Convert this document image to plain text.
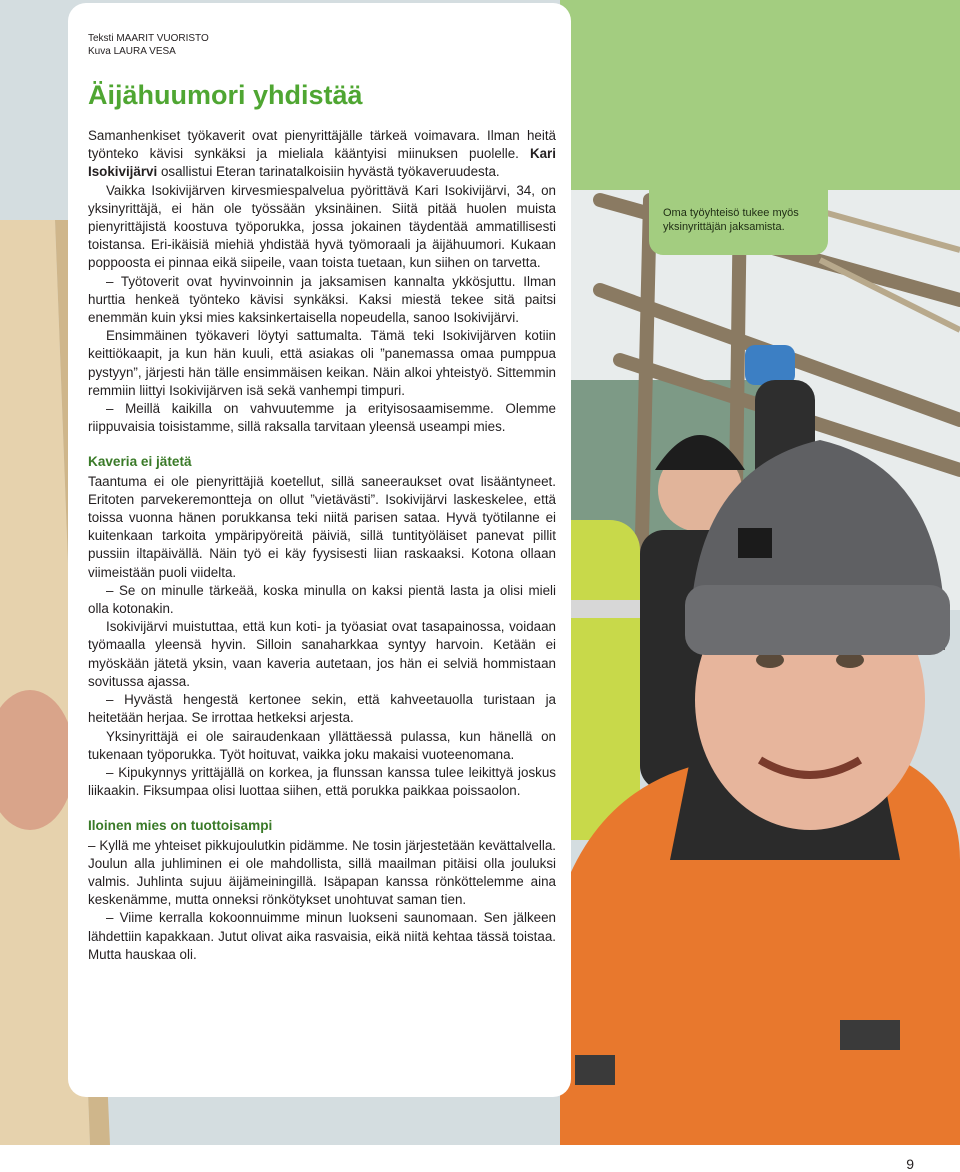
Oma työyhteisö tukee myös yksinyrittäjän jaksamista.
9
Teksti MAARIT VUORISTO
Kuva LAURA VESA
Äijähuumori yhdistää

Samanhenkiset työkaverit ovat pienyrittäjälle tärkeä voimavara. Ilman heitä työnteko kävisi synkäksi ja mieliala kääntyisi miinuksen puolelle. Kari Isokivijärvi osallistui Eteran tarinatalkoisiin hyvästä työkaveruudesta.

Vaikka Isokivijärven kirvesmiespalvelua pyörittävä Kari Isokivijärvi, 34, on yksinyrittäjä, ei hän ole työssään yksinäinen. Siitä pitää huolen muista pienyrittäjistä koostuva työporukka, jossa jokainen täydentää ammatillisesti toistansa. Eri-ikäisiä miehiä yhdistää hyvä työmoraali ja äijähuumori. Kukaan poppoosta ei pinnaa eikä siipeile, vaan toista tuetaan, kun siihen on tarvetta.

– Työtoverit ovat hyvinvoinnin ja jaksamisen kannalta ykkösjuttu. Ilman hurttia henkeä työnteko kävisi synkäksi. Kaksi miestä tekee sitä paitsi enemmän kuin yksi mies kaksinkertaisella nopeudella, sanoo Isokivijärvi.

Ensimmäinen työkaveri löytyi sattumalta. Tämä teki Isokivijärven kotiin keittiökaapit, ja kun hän kuuli, että asiakas oli ”panemassa omaa pumppua pystyyn”, järjesti hän tälle ensimmäisen keikan. Näin alkoi yhteistyö. Sittemmin remmiin liittyi Isokivijärven isä sekä vanhempi timpuri.

– Meillä kaikilla on vahvuutemme ja erityisosaamisemme. Olemme riippuvaisia toisistamme, sillä raksalla tarvitaan yleensä useampi mies.

Kaveria ei jätetä

Taantuma ei ole pienyrittäjiä koetellut, sillä saneeraukset ovat lisääntyneet. Eritoten parvekeremontteja on ollut ”vietävästi”. Isokivijärvi laskeskelee, että toissa vuonna hänen porukkansa teki niitä parisen sataa. Hyvä työtilanne ei kuitenkaan tarkoita ympäripyöreitä päiviä, sillä tuntityöläiset panevat pillit pussiin iltapäivällä. Näin työ ei käy fyysisesti liian raskaaksi. Kotona ollaan viimeistään puoli viidelta.

– Se on minulle tärkeää, koska minulla on kaksi pientä lasta ja olisi mieli olla kotonakin.

Isokivijärvi muistuttaa, että kun koti- ja työasiat ovat tasapainossa, voidaan työmaalla yleensä hyvin. Silloin sanaharkkaa syntyy harvoin. Ketään ei myöskään jätetä yksin, vaan kaveria autetaan, jos hän ei selviä hommistaan sovitussa ajassa.

– Hyvästä hengestä kertonee sekin, että kahveetauolla turistaan ja heitetään herjaa. Se irrottaa hetkeksi arjesta.

Yksinyrittäjä ei ole sairaudenkaan yllättäessä pulassa, kun hänellä on tukenaan työporukka. Työt hoituvat, vaikka joku makaisi vuoteenomana.

– Kipukynnys yrittäjällä on korkea, ja flunssan kanssa tulee leikittyä joskus liikaakin. Fiksumpaa olisi luottaa siihen, että porukka paikkaa poissaolon.

Iloinen mies on tuottoisampi

– Kyllä me yhteiset pikkujoulutkin pidämme. Ne tosin järjestetään kevättalvella. Joulun alla juhliminen ei ole mahdollista, sillä maailman pitäisi olla jouluksi valmis. Juhlinta sujuu äijämeiningillä. Isäpapan kanssa rönköttelemme aina keskenämme, mutta onneksi rönkötykset unohtuvat saman tien.

– Viime kerralla kokoonnuimme minun luokseni saunomaan. Sen jälkeen lähdettiin kapakkaan. Jutut olivat aika rasvaisia, eikä niitä kehtaa tässä toistaa. Mutta hauskaa oli.
